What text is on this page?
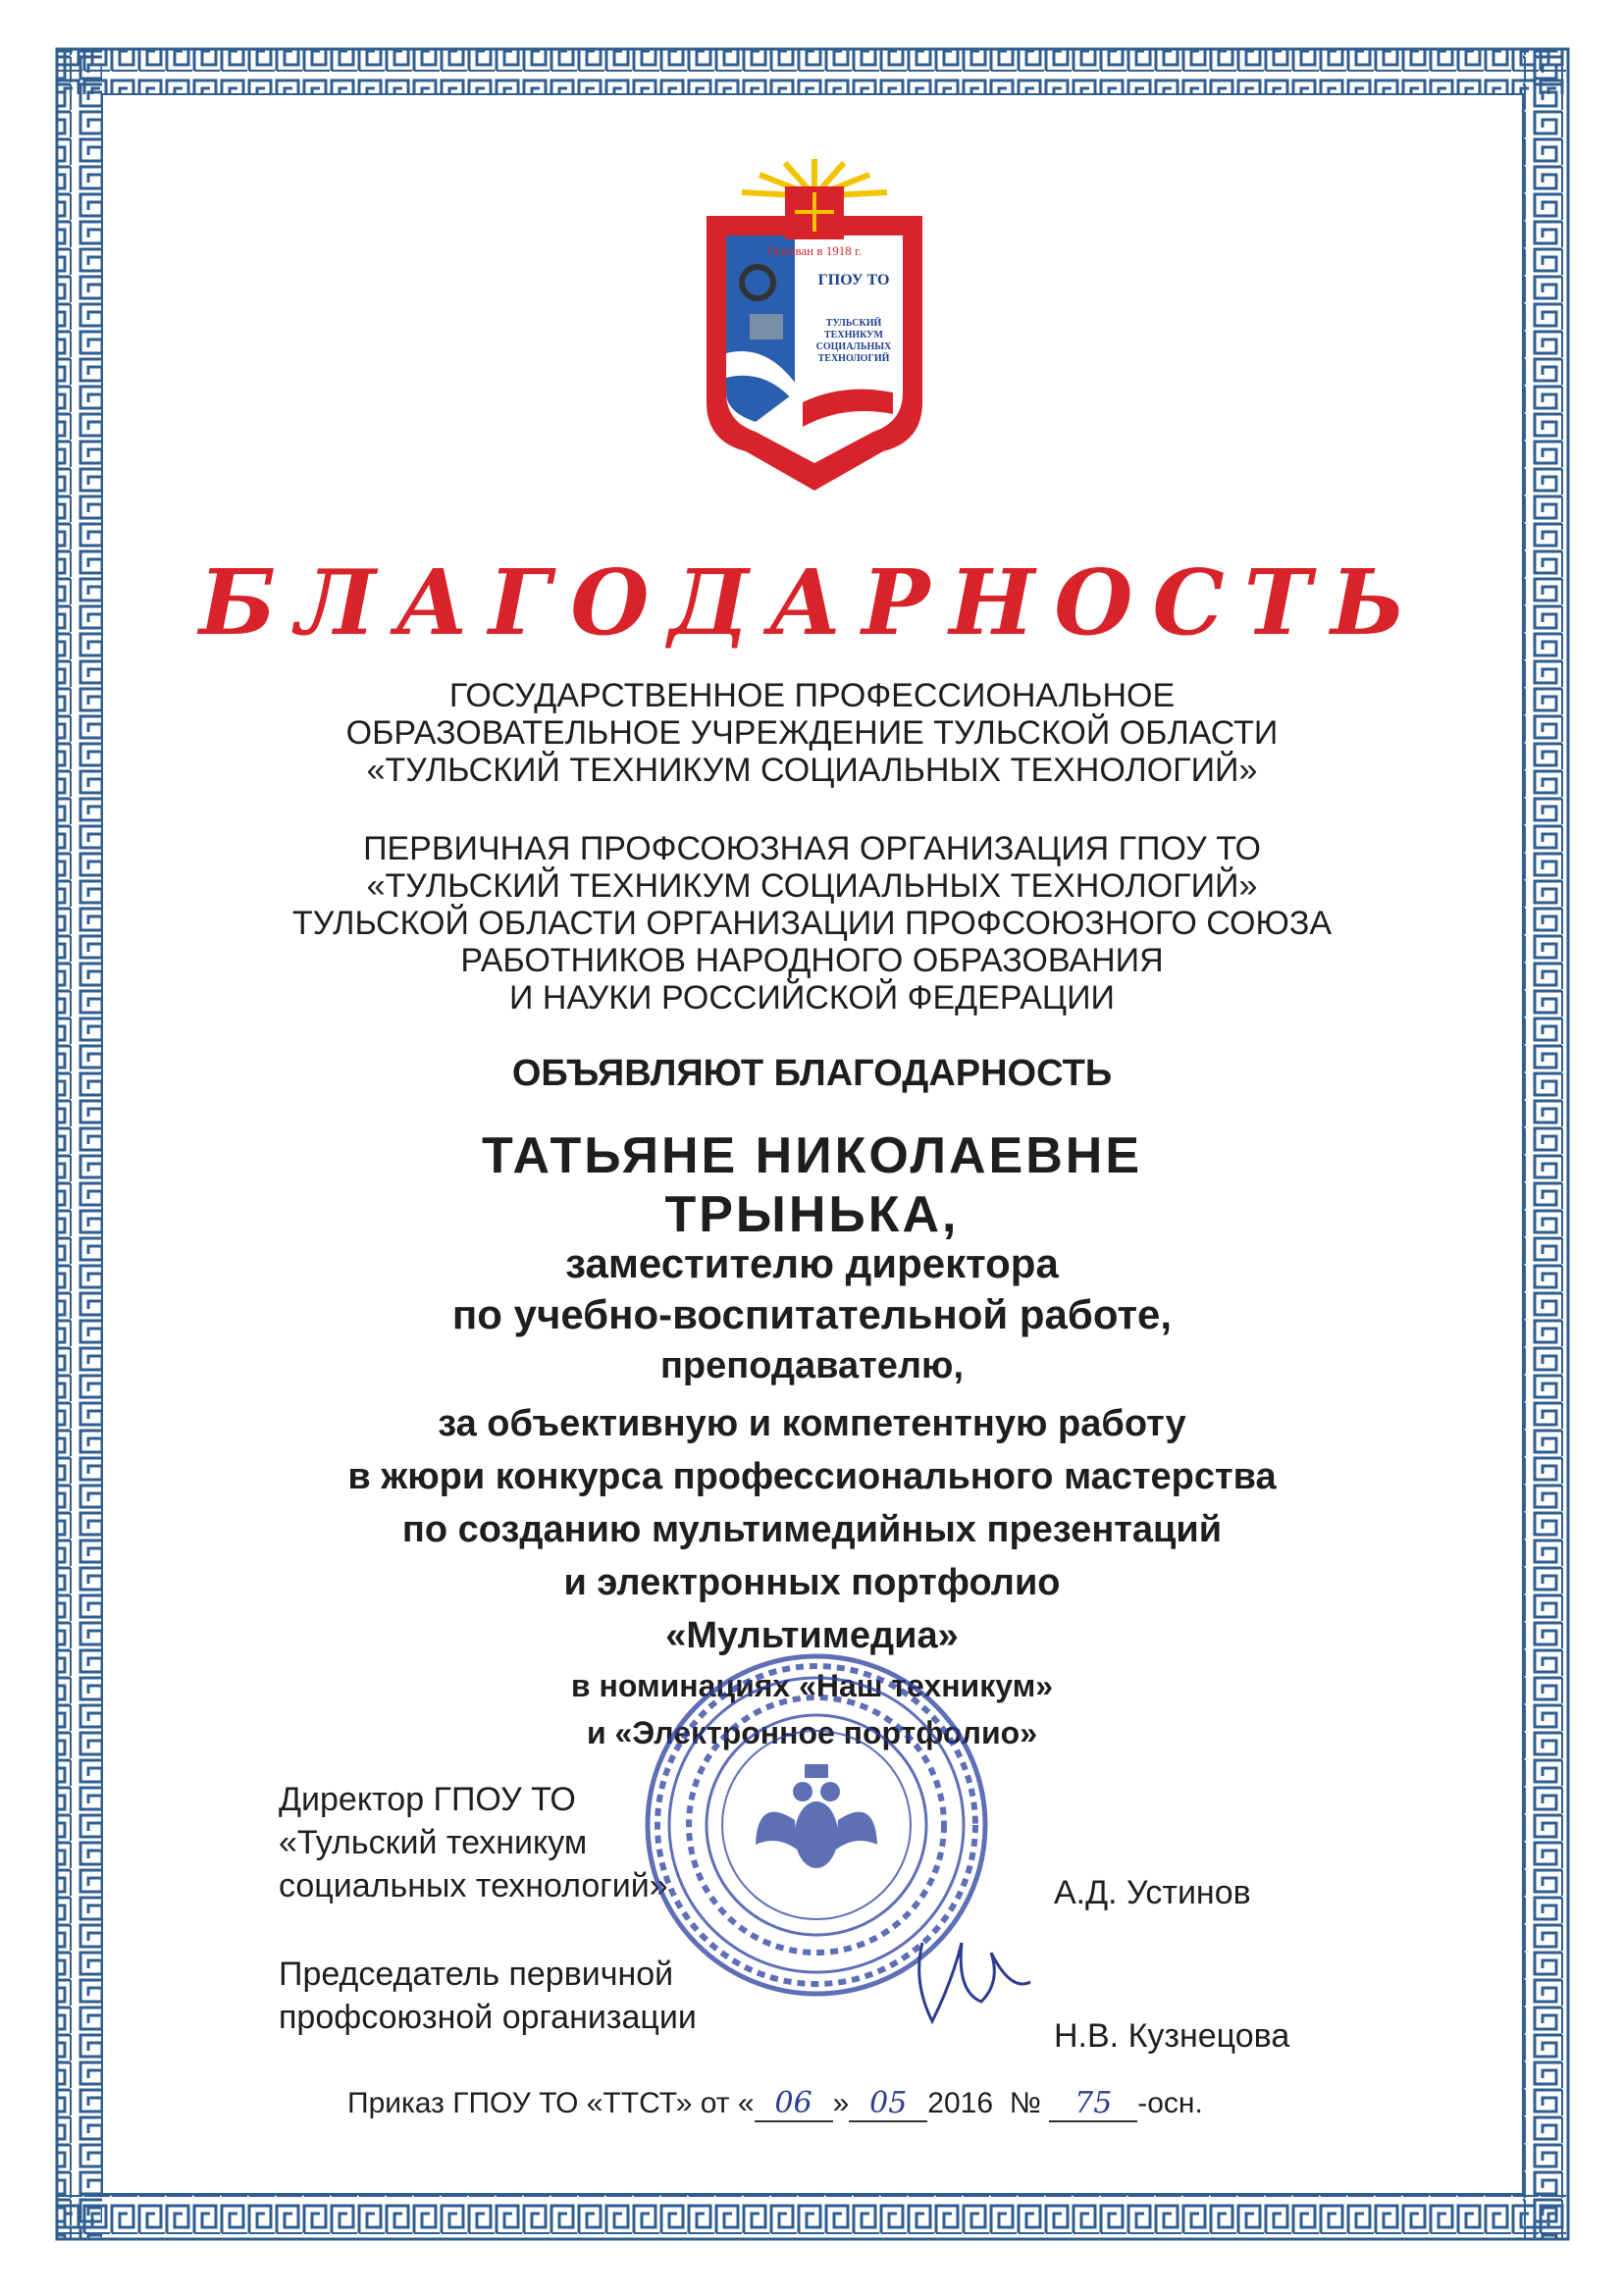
Основан в 1918 г.
ГПОУ ТО
ТУЛЬСКИЙ
ТЕХНИКУМ
СОЦИАЛЬНЫХ
ТЕХНОЛОГИЙ
БЛАГОДАРНОСТЬ
ГОСУДАРСТВЕННОЕ ПРОФЕССИОНАЛЬНОЕ
ОБРАЗОВАТЕЛЬНОЕ УЧРЕЖДЕНИЕ ТУЛЬСКОЙ ОБЛАСТИ
«ТУЛЬСКИЙ ТЕХНИКУМ СОЦИАЛЬНЫХ ТЕХНОЛОГИЙ»
ПЕРВИЧНАЯ ПРОФСОЮЗНАЯ ОРГАНИЗАЦИЯ ГПОУ ТО
«ТУЛЬСКИЙ ТЕХНИКУМ СОЦИАЛЬНЫХ ТЕХНОЛОГИЙ»
ТУЛЬСКОЙ ОБЛАСТИ ОРГАНИЗАЦИИ ПРОФСОЮЗНОГО СОЮЗА
РАБОТНИКОВ НАРОДНОГО ОБРАЗОВАНИЯ
И НАУКИ РОССИЙСКОЙ ФЕДЕРАЦИИ
ОБЪЯВЛЯЮТ БЛАГОДАРНОСТЬ
ТАТЬЯНЕ НИКОЛАЕВНЕ
ТРЫНЬКА,
заместителю директора
по учебно-воспитательной работе,
преподавателю,
за объективную и компетентную работу
в жюри конкурса профессионального мастерства
по созданию мультимедийных презентаций
и электронных портфолио
«Мультимедиа»
в номинациях «Наш техникум»
и «Электронное портфолио»
Директор ГПОУ ТО
«Тульский техникум
социальных технологий»	А.Д. Устинов
Председатель первичной
профсоюзной организации	Н.В. Кузнецова
Приказ ГПОУ ТО «ТТСТ» от « 06 » 05 2016 № 75 -осн.
